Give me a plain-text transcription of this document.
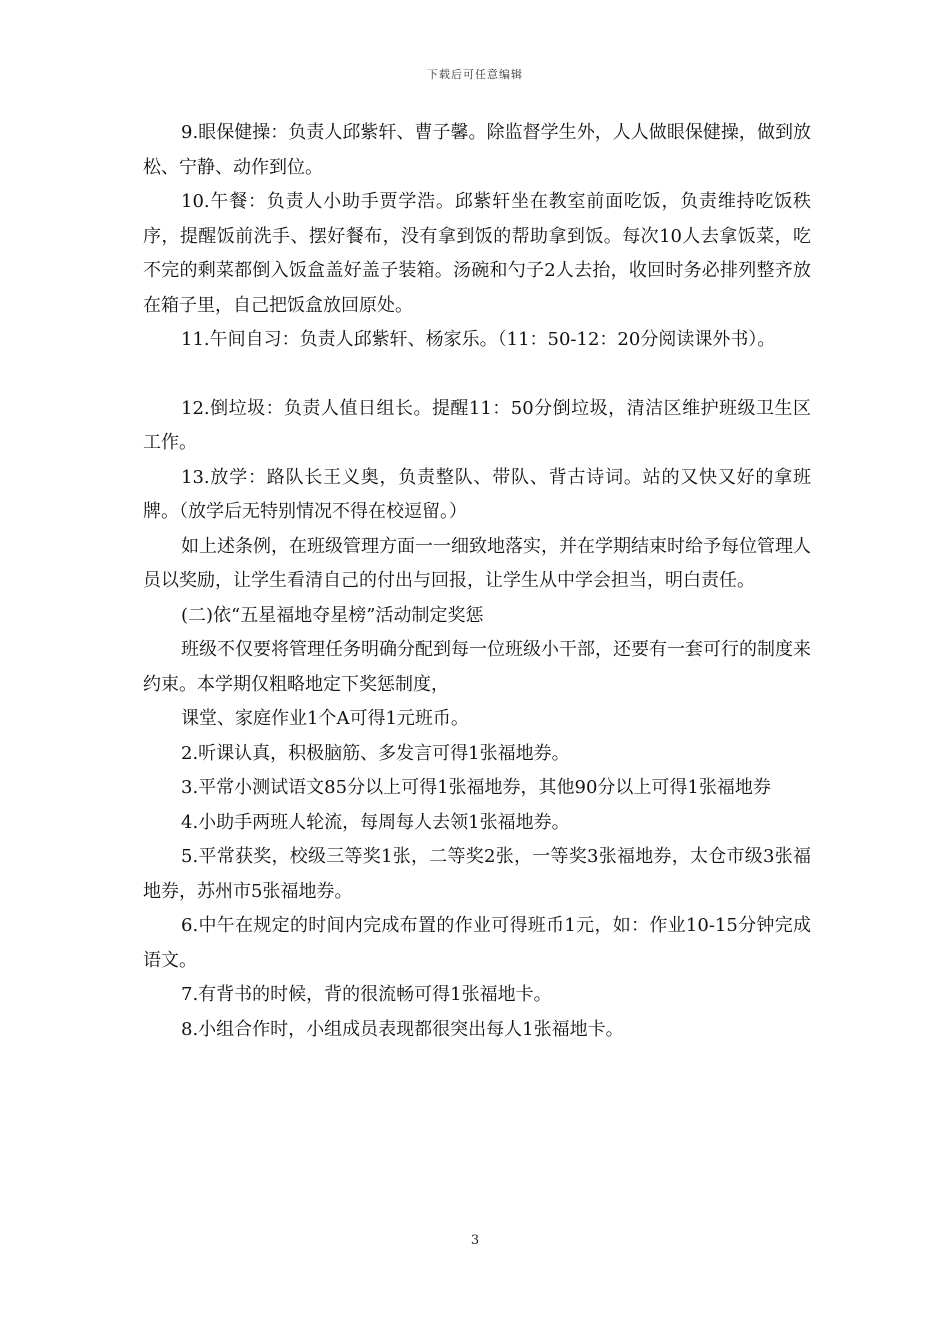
下载后可任意编辑

9.眼保健操：负责人邱紫轩、曹子馨。除监督学生外，人人做眼保健操，做到放松、宁静、动作到位。

10.午餐：负责人小助手贾学浩。邱紫轩坐在教室前面吃饭，负责维持吃饭秩序，提醒饭前洗手、摆好餐布，没有拿到饭的帮助拿到饭。每次10人去拿饭菜，吃不完的剩菜都倒入饭盒盖好盖子装箱。汤碗和勺子2人去抬，收回时务必排列整齐放在箱子里，自己把饭盒放回原处。

11.午间自习：负责人邱紫轩、杨家乐。（11：50-12：20分阅读课外书）。

12.倒垃圾：负责人值日组长。提醒11：50分倒垃圾，清洁区维护班级卫生区工作。

13.放学：路队长王义奥，负责整队、带队、背古诗词。站的又快又好的拿班牌。（放学后无特别情况不得在校逗留。）

如上述条例，在班级管理方面一一细致地落实，并在学期结束时给予每位管理人员以奖励，让学生看清自己的付出与回报，让学生从中学会担当，明白责任。

(二)依“五星福地夺星榜”活动制定奖惩

班级不仅要将管理任务明确分配到每一位班级小干部，还要有一套可行的制度来约束。本学期仅粗略地定下奖惩制度，

课堂、家庭作业1个A可得1元班币。

2.听课认真，积极脑筋、多发言可得1张福地券。

3.平常小测试语文85分以上可得1张福地券，其他90分以上可得1张福地券

4.小助手两班人轮流，每周每人去领1张福地券。

5.平常获奖，校级三等奖1张，二等奖2张，一等奖3张福地券，太仓市级3张福地券，苏州市5张福地券。

6.中午在规定的时间内完成布置的作业可得班币1元，如：作业10-15分钟完成语文。

7.有背书的时候，背的很流畅可得1张福地卡。

8.小组合作时，小组成员表现都很突出每人1张福地卡。

3
